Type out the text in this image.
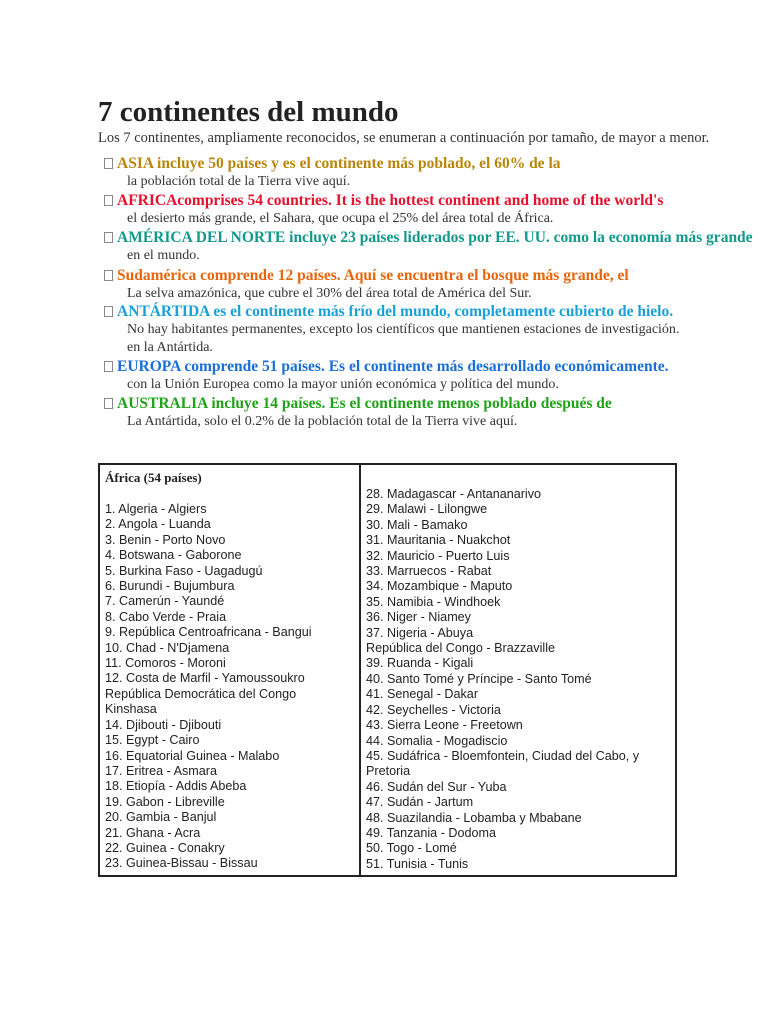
7 continentes del mundo

Los 7 continentes, ampliamente reconocidos, se enumeran a continuación por tamaño, de mayor a menor.

ASIA incluye 50 países y es el continente más poblado, el 60% de la
la población total de la Tierra vive aquí.
AFRICAcomprises 54 countries. It is the hottest continent and home of the world's
el desierto más grande, el Sahara, que ocupa el 25% del área total de África.
AMÉRICA DEL NORTE incluye 23 países liderados por EE. UU. como la economía más grande
en el mundo.
Sudamérica comprende 12 países. Aquí se encuentra el bosque más grande, el
La selva amazónica, que cubre el 30% del área total de América del Sur.
ANTÁRTIDA es el continente más frío del mundo, completamente cubierto de hielo.
No hay habitantes permanentes, excepto los científicos que mantienen estaciones de investigación.
en la Antártida.
EUROPA comprende 51 países. Es el continente más desarrollado económicamente.
con la Unión Europea como la mayor unión económica y política del mundo.
AUSTRALIA incluye 14 países. Es el continente menos poblado después de
La Antártida, solo el 0.2% de la población total de la Tierra vive aquí.
África (54 países)
1. Algeria - Algiers
2. Angola - Luanda
3. Benin - Porto Novo
4. Botswana - Gaborone
5. Burkina Faso - Uagadugú
6. Burundi - Bujumbura
7. Camerún - Yaundé
8. Cabo Verde - Praia
9. República Centroafricana - Bangui
10. Chad - N'Djamena
11. Comoros - Moroni
12. Costa de Marfil - Yamoussoukro
República Democrática del Congo
Kinshasa
14. Djibouti - Djibouti
15. Egypt - Cairo
16. Equatorial Guinea - Malabo
17. Eritrea - Asmara
18. Etiopía - Addis Abeba
19. Gabon - Libreville
20. Gambia - Banjul
21. Ghana - Acra
22. Guinea - Conakry
23. Guinea-Bissau - Bissau
28. Madagascar - Antananarivo
29. Malawi - Lilongwe
30. Mali - Bamako
31. Mauritania - Nuakchot
32. Mauricio - Puerto Luis
33. Marruecos - Rabat
34. Mozambique - Maputo
35. Namibia - Windhoek
36. Niger - Niamey
37. Nigeria - Abuya
República del Congo - Brazzaville
39. Ruanda - Kigali
40. Santo Tomé y Príncipe - Santo Tomé
41. Senegal - Dakar
42. Seychelles - Victoria
43. Sierra Leone - Freetown
44. Somalia - Mogadiscio
45. Sudáfrica - Bloemfontein, Ciudad del Cabo, y
Pretoria
46. Sudán del Sur - Yuba
47. Sudán - Jartum
48. Suazilandia - Lobamba y Mbabane
49. Tanzania - Dodoma
50. Togo - Lomé
51. Tunisia - Tunis
